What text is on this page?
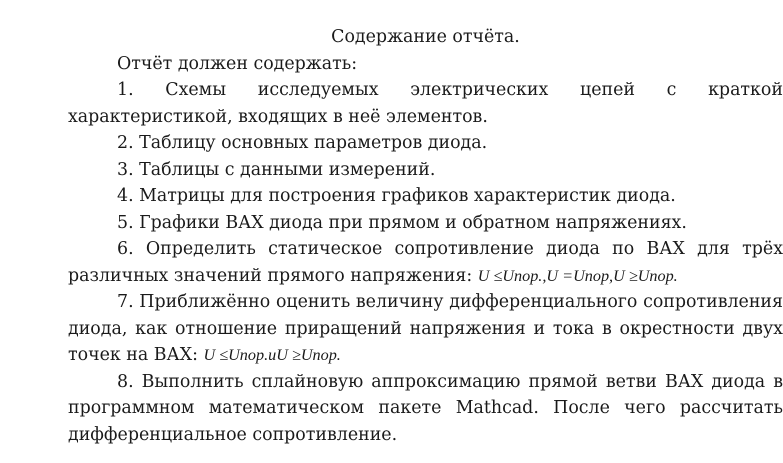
Содержание отчёта.

Отчёт должен содержать:

1. Схемы исследуемых электрических цепей с краткой характеристикой, входящих в неё элементов.

2. Таблицу основных параметров диода.

3. Таблицы с данными измерений.

4. Матрицы для построения графиков характеристик диода.

5. Графики ВАХ диода при прямом и обратном напряжениях.

6. Определить статическое сопротивление диода по ВАХ для трёх различных значений прямого напряжения: U ≤Uпор.,U =Uпор,U ≥Uпор.

7. Приближённо оценить величину дифференциального сопротивления диода, как отношение приращений напряжения и тока в окрестности двух точек на ВАХ: U ≤Uпор.иU ≥Uпор.

8. Выполнить сплайновую аппроксимацию прямой ветви ВАХ диода в программном математическом пакете Mathcad. После чего рассчитать дифференциальное сопротивление.
